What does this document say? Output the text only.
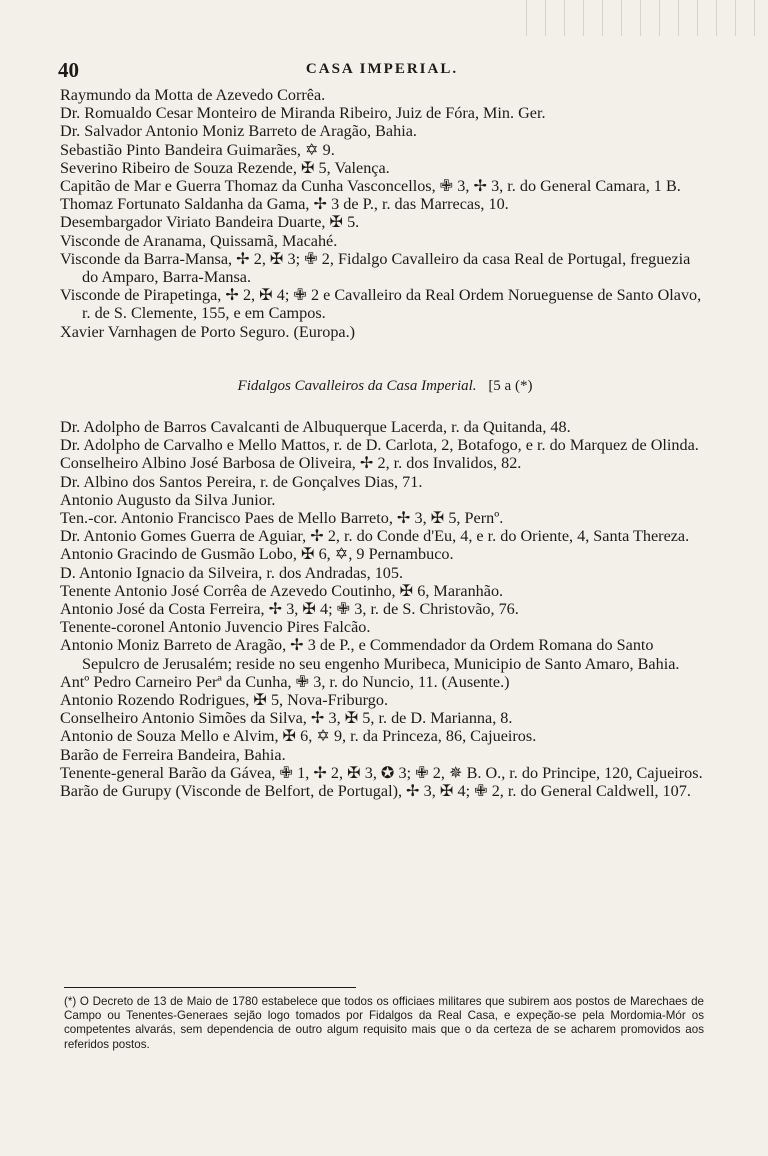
40	CASA IMPERIAL.
Raymundo da Motta de Azevedo Corrêa.
Dr. Romualdo Cesar Monteiro de Miranda Ribeiro, Juiz de Fóra, Min. Ger.
Dr. Salvador Antonio Moniz Barreto de Aragão, Bahia.
Sebastião Pinto Bandeira Guimarães, ✡ 9.
Severino Ribeiro de Souza Rezende, ✠ 5, Valença.
Capitão de Mar e Guerra Thomaz da Cunha Vasconcellos, ✙ 3, ✢ 3, r. do General Camara, 1 B.
Thomaz Fortunato Saldanha da Gama, ✢ 3 de P., r. das Marrecas, 10.
Desembargador Viriato Bandeira Duarte, ✠ 5.
Visconde de Aranama, Quissamã, Macahé.
Visconde da Barra-Mansa, ✢ 2, ✠ 3; ✙ 2, Fidalgo Cavalleiro da casa Real de Portugal, freguezia do Amparo, Barra-Mansa.
Visconde de Pirapetinga, ✢ 2, ✠ 4; ✙ 2 e Cavalleiro da Real Ordem Norueguense de Santo Olavo, r. de S. Clemente, 155, e em Campos.
Xavier Varnhagen de Porto Seguro. (Europa.)
Fidalgos Cavalleiros da Casa Imperial. [5 a (*)
Dr. Adolpho de Barros Cavalcanti de Albuquerque Lacerda, r. da Quitanda, 48.
Dr. Adolpho de Carvalho e Mello Mattos, r. de D. Carlota, 2, Botafogo, e r. do Marquez de Olinda.
Conselheiro Albino José Barbosa de Oliveira, ✢ 2, r. dos Invalidos, 82.
Dr. Albino dos Santos Pereira, r. de Gonçalves Dias, 71.
Antonio Augusto da Silva Junior.
Ten.-cor. Antonio Francisco Paes de Mello Barreto, ✢ 3, ✠ 5, Pernº.
Dr. Antonio Gomes Guerra de Aguiar, ✢ 2, r. do Conde d'Eu, 4, e r. do Oriente, 4, Santa Thereza.
Antonio Gracindo de Gusmão Lobo, ✠ 6, ✡, 9 Pernambuco.
D. Antonio Ignacio da Silveira, r. dos Andradas, 105.
Tenente Antonio José Corrêa de Azevedo Coutinho, ✠ 6, Maranhão.
Antonio José da Costa Ferreira, ✢ 3, ✠ 4; ✙ 3, r. de S. Christovão, 76.
Tenente-coronel Antonio Juvencio Pires Falcão.
Antonio Moniz Barreto de Aragão, ✢ 3 de P., e Commendador da Ordem Romana do Santo Sepulcro de Jerusalém; reside no seu engenho Muribeca, Municipio de Santo Amaro, Bahia.
Antº Pedro Carneiro Perª da Cunha, ✙ 3, r. do Nuncio, 11. (Ausente.)
Antonio Rozendo Rodrigues, ✠ 5, Nova-Friburgo.
Conselheiro Antonio Simões da Silva, ✢ 3, ✠ 5, r. de D. Marianna, 8.
Antonio de Souza Mello e Alvim, ✠ 6, ✡ 9, r. da Princeza, 86, Cajueiros.
Barão de Ferreira Bandeira, Bahia.
Tenente-general Barão da Gávea, ✙ 1, ✢ 2, ✠ 3, ✪ 3; ✙ 2, ✵ B. O., r. do Principe, 120, Cajueiros.
Barão de Gurupy (Visconde de Belfort, de Portugal), ✢ 3, ✠ 4; ✙ 2, r. do General Caldwell, 107.
(*) O Decreto de 13 de Maio de 1780 estabelece que todos os officiaes militares que subirem aos postos de Marechaes de Campo ou Tenentes-Generaes sejão logo tomados por Fidalgos da Real Casa, e expeção-se pela Mordomia-Mór os competentes alvarás, sem dependencia de outro algum requisito mais que o da certeza de se acharem promovidos aos referidos postos.
